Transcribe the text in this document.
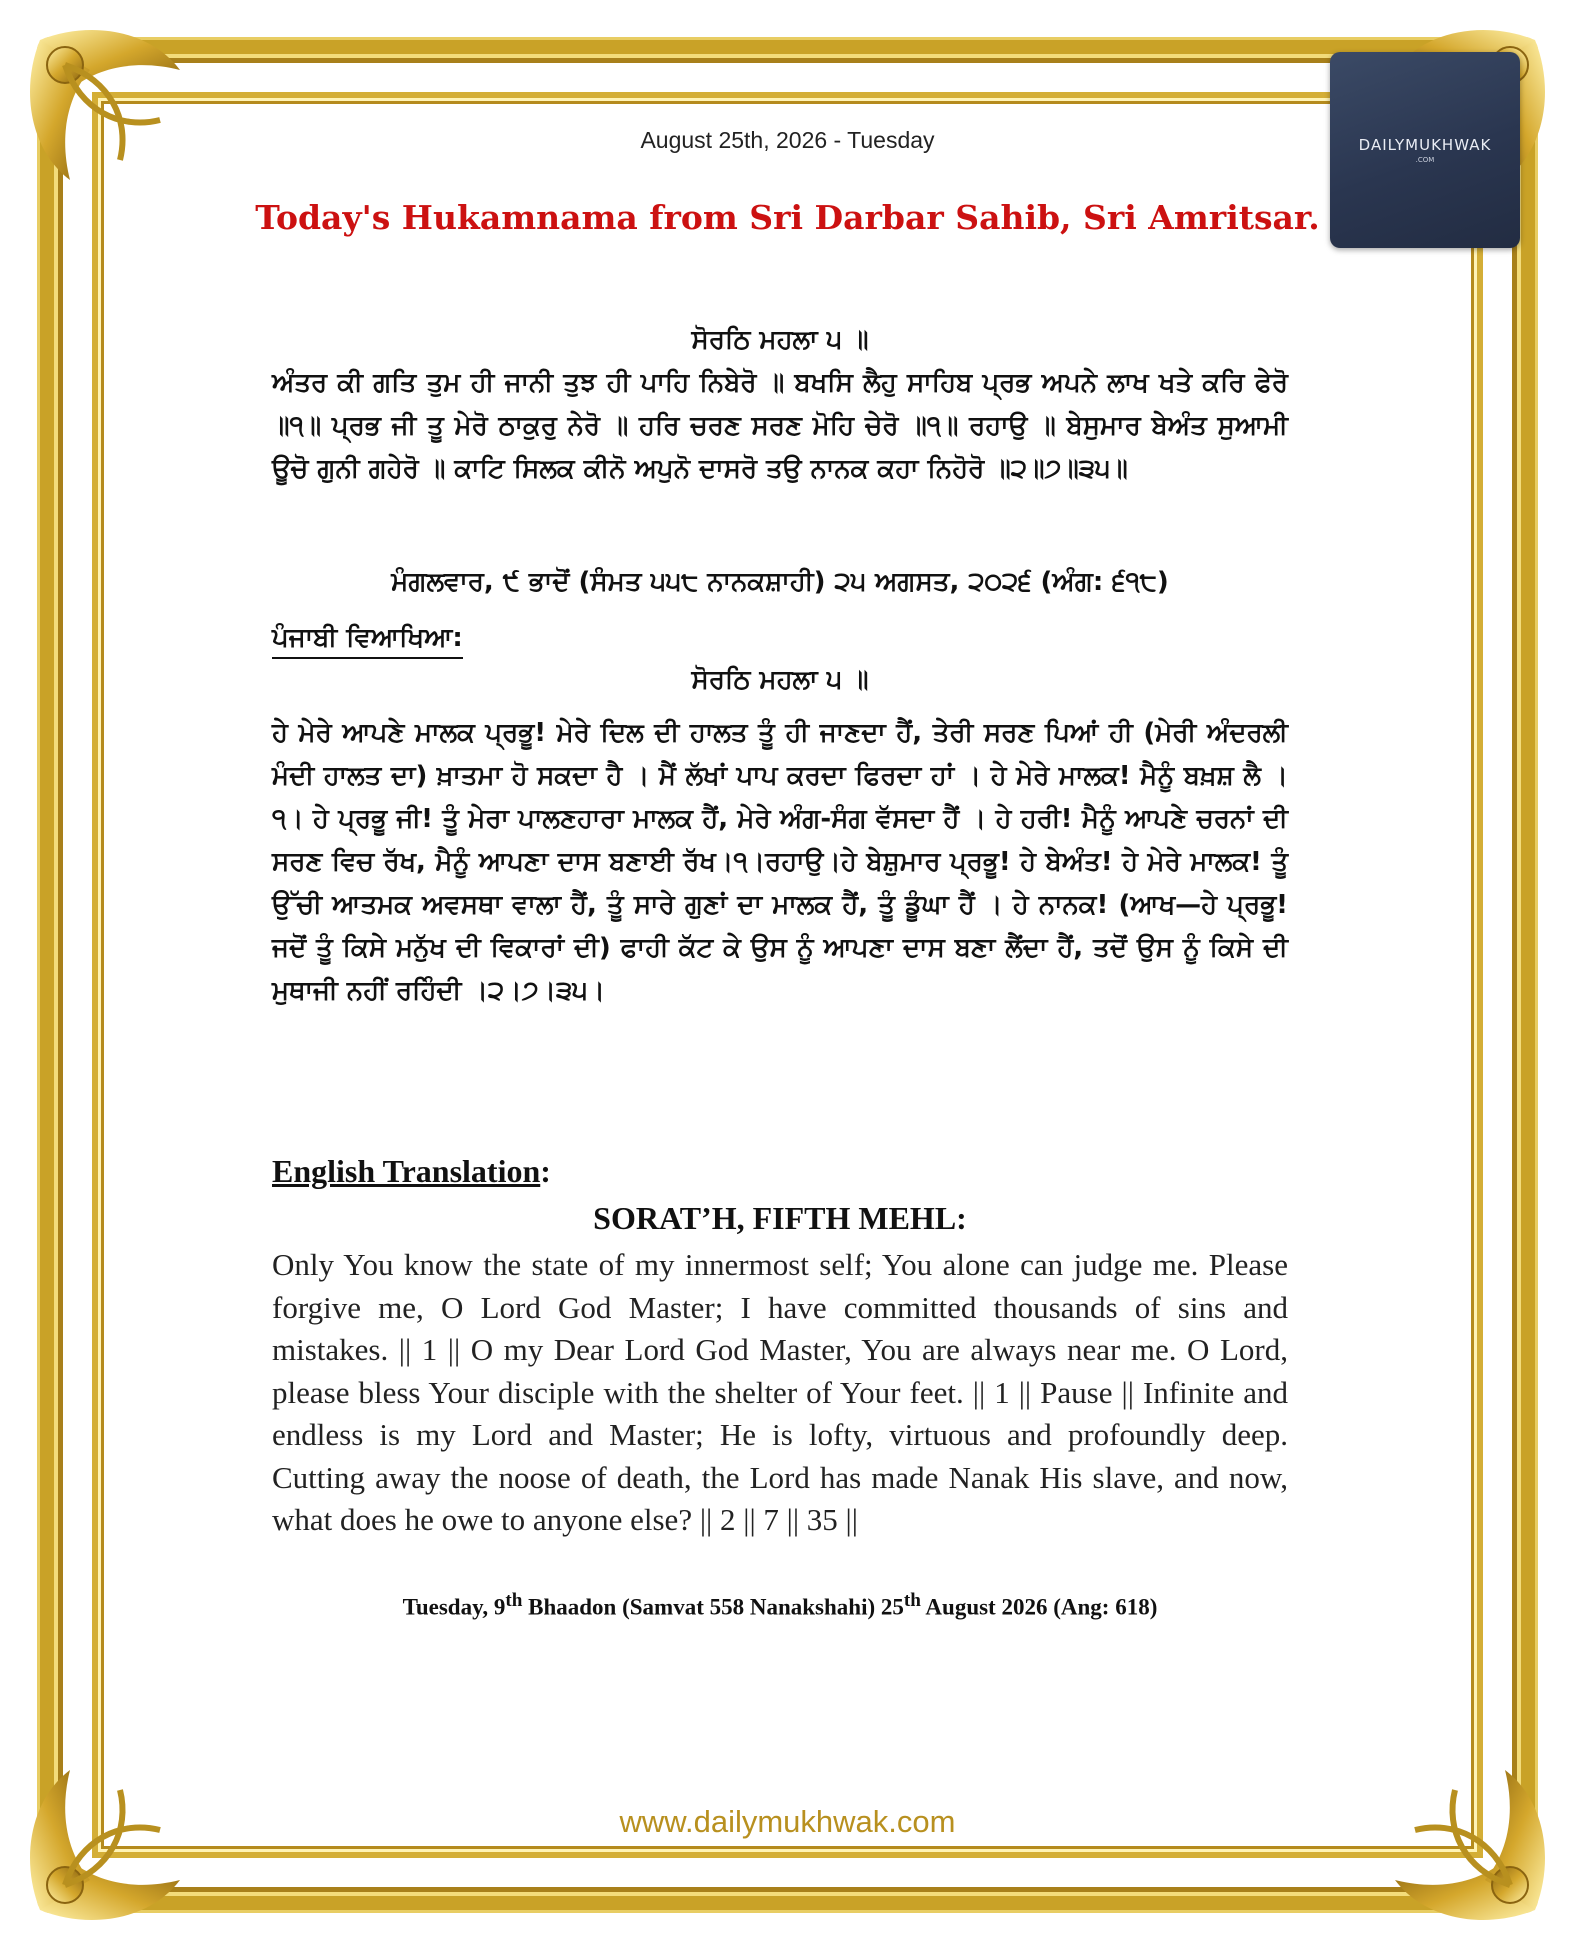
DAILYMUKHWAK
.COM
August 25th, 2026 - Tuesday
Today's Hukamnama from Sri Darbar Sahib, Sri Amritsar.
ਸੋਰਠਿ ਮਹਲਾ ੫ ॥
ਅੰਤਰ ਕੀ ਗਤਿ ਤੁਮ ਹੀ ਜਾਨੀ ਤੁਝ ਹੀ ਪਾਹਿ ਨਿਬੇਰੋ ॥ ਬਖਸਿ ਲੈਹੁ ਸਾਹਿਬ ਪ੍ਰਭ ਅਪਨੇ ਲਾਖ ਖਤੇ ਕਰਿ ਫੇਰੋ ॥੧॥ ਪ੍ਰਭ ਜੀ ਤੂ ਮੇਰੋ ਠਾਕੁਰੁ ਨੇਰੋ ॥ ਹਰਿ ਚਰਣ ਸਰਣ ਮੋਹਿ ਚੇਰੋ ॥੧॥ ਰਹਾਉ ॥ ਬੇਸੁਮਾਰ ਬੇਅੰਤ ਸੁਆਮੀ ਊਚੋ ਗੁਨੀ ਗਹੇਰੋ ॥ ਕਾਟਿ ਸਿਲਕ ਕੀਨੋ ਅਪੁਨੋ ਦਾਸਰੋ ਤਉ ਨਾਨਕ ਕਹਾ ਨਿਹੋਰੋ ॥੨॥੭॥੩੫॥
ਮੰਗਲਵਾਰ, ੯ ਭਾਦੋਂ (ਸੰਮਤ ੫੫੮ ਨਾਨਕਸ਼ਾਹੀ) ੨੫ ਅਗਸਤ, ੨੦੨੬ (ਅੰਗ: ੬੧੮)
ਪੰਜਾਬੀ ਵਿਆਖਿਆ:
ਸੋਰਠਿ ਮਹਲਾ ੫ ॥
ਹੇ ਮੇਰੇ ਆਪਣੇ ਮਾਲਕ ਪ੍ਰਭੂ! ਮੇਰੇ ਦਿਲ ਦੀ ਹਾਲਤ ਤੂੰ ਹੀ ਜਾਣਦਾ ਹੈਂ, ਤੇਰੀ ਸਰਣ ਪਿਆਂ ਹੀ (ਮੇਰੀ ਅੰਦਰਲੀ ਮੰਦੀ ਹਾਲਤ ਦਾ) ਖ਼ਾਤਮਾ ਹੋ ਸਕਦਾ ਹੈ । ਮੈਂ ਲੱਖਾਂ ਪਾਪ ਕਰਦਾ ਫਿਰਦਾ ਹਾਂ । ਹੇ ਮੇਰੇ ਮਾਲਕ! ਮੈਨੂੰ ਬਖ਼ਸ਼ ਲੈ ।੧। ਹੇ ਪ੍ਰਭੂ ਜੀ! ਤੂੰ ਮੇਰਾ ਪਾਲਣਹਾਰਾ ਮਾਲਕ ਹੈਂ, ਮੇਰੇ ਅੰਗ-ਸੰਗ ਵੱਸਦਾ ਹੈਂ । ਹੇ ਹਰੀ! ਮੈਨੂੰ ਆਪਣੇ ਚਰਨਾਂ ਦੀ ਸਰਣ ਵਿਚ ਰੱਖ, ਮੈਨੂੰ ਆਪਣਾ ਦਾਸ ਬਣਾਈ ਰੱਖ।੧।ਰਹਾਉ।ਹੇ ਬੇਸ਼ੁਮਾਰ ਪ੍ਰਭੂ! ਹੇ ਬੇਅੰਤ! ਹੇ ਮੇਰੇ ਮਾਲਕ! ਤੂੰ ਉੱਚੀ ਆਤਮਕ ਅਵਸਥਾ ਵਾਲਾ ਹੈਂ, ਤੂੰ ਸਾਰੇ ਗੁਣਾਂ ਦਾ ਮਾਲਕ ਹੈਂ, ਤੂੰ ਡੂੰਘਾ ਹੈਂ । ਹੇ ਨਾਨਕ! (ਆਖ—ਹੇ ਪ੍ਰਭੂ! ਜਦੋਂ ਤੂੰ ਕਿਸੇ ਮਨੁੱਖ ਦੀ ਵਿਕਾਰਾਂ ਦੀ) ਫਾਹੀ ਕੱਟ ਕੇ ਉਸ ਨੂੰ ਆਪਣਾ ਦਾਸ ਬਣਾ ਲੈਂਦਾ ਹੈਂ, ਤਦੋਂ ਉਸ ਨੂੰ ਕਿਸੇ ਦੀ ਮੁਥਾਜੀ ਨਹੀਂ ਰਹਿੰਦੀ ।੨।੭।੩੫।
English Translation:
SORAT’H, FIFTH MEHL:
Only You know the state of my innermost self; You alone can judge me. Please forgive me, O Lord God Master; I have committed thousands of sins and mistakes. || 1 || O my Dear Lord God Master, You are always near me. O Lord, please bless Your disciple with the shelter of Your feet. || 1 || Pause || Infinite and endless is my Lord and Master; He is lofty, virtuous and profoundly deep. Cutting away the noose of death, the Lord has made Nanak His slave, and now, what does he owe to anyone else? || 2 || 7 || 35 ||
Tuesday, 9th Bhaadon (Samvat 558 Nanakshahi) 25th August 2026 (Ang: 618)
www.dailymukhwak.com
